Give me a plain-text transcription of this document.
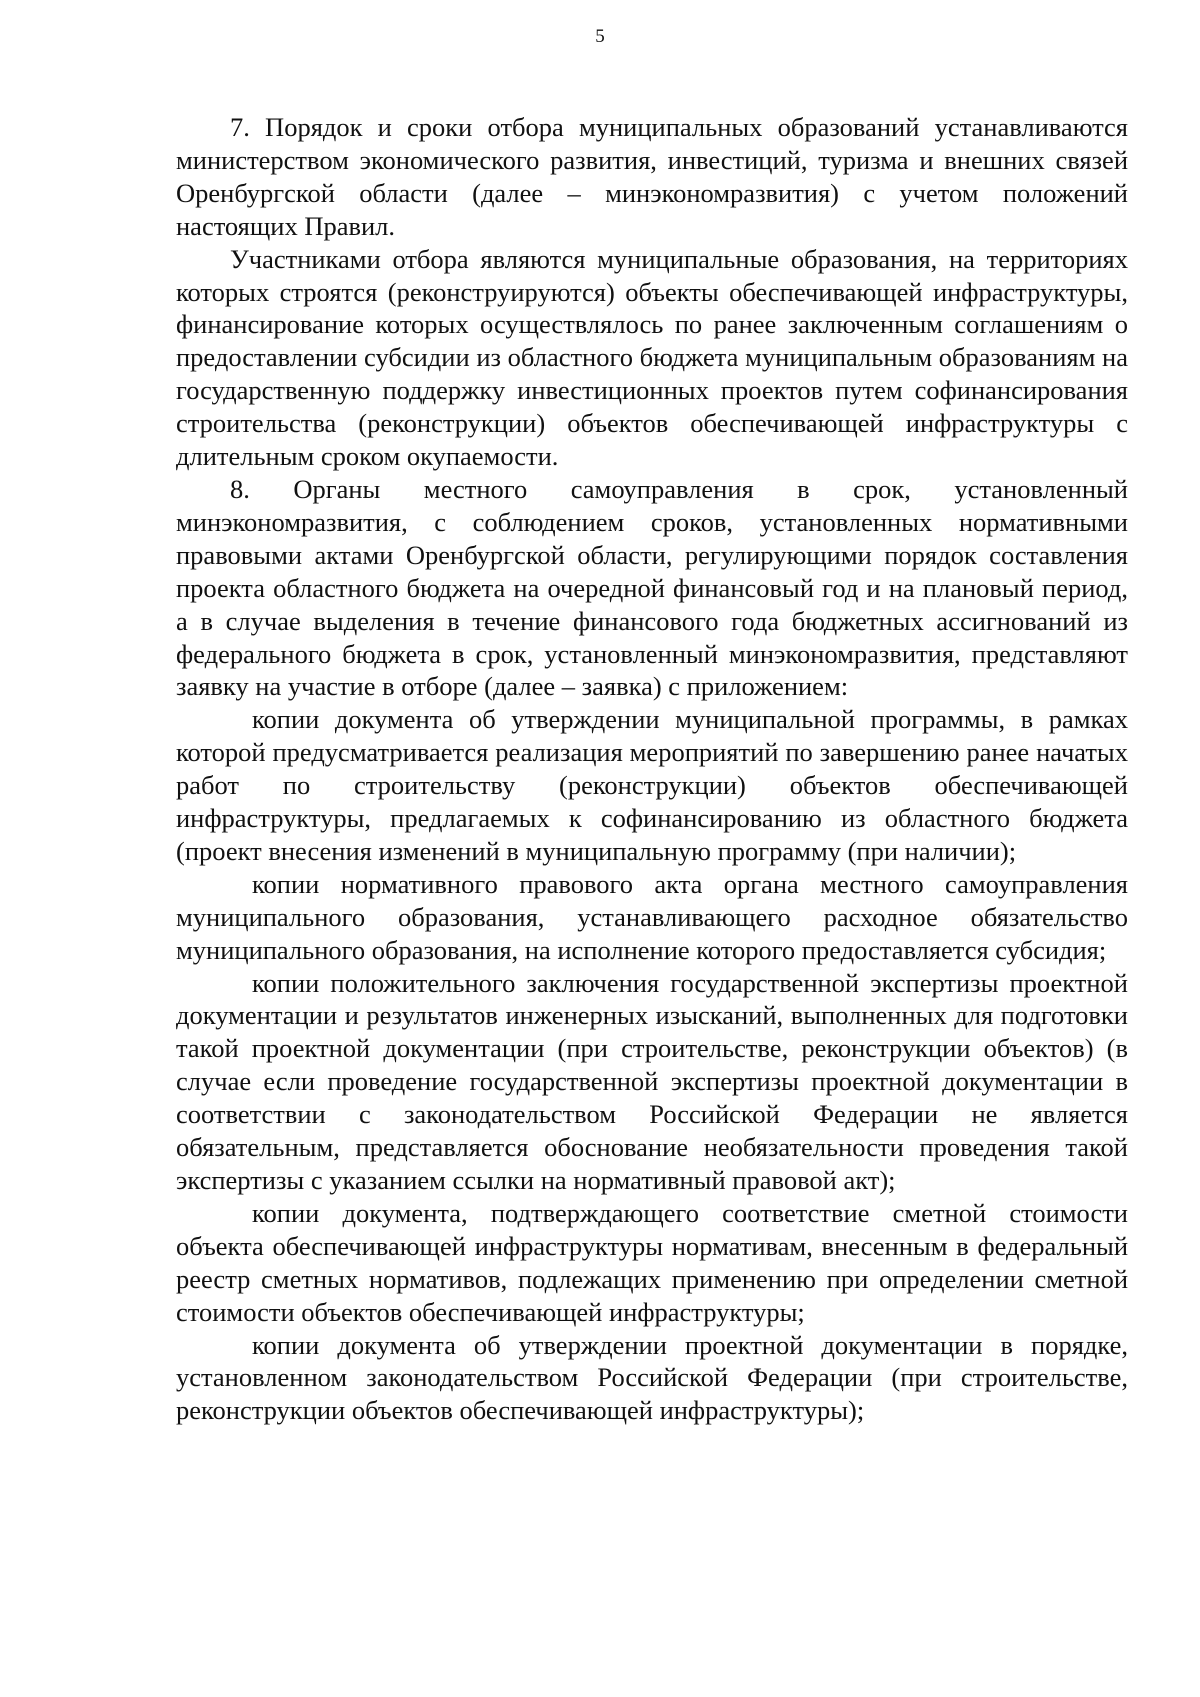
5

7. Порядок и сроки отбора муниципальных образований устанавливаются министерством экономического развития, инвестиций, туризма и внешних связей Оренбургской области (далее – минэкономразвития) с учетом положений настоящих Правил.

Участниками отбора являются муниципальные образования, на территориях которых строятся (реконструируются) объекты обеспечивающей инфраструктуры, финансирование которых осуществлялось по ранее заключенным соглашениям о предоставлении субсидии из областного бюджета муниципальным образованиям на государственную поддержку инвестиционных проектов путем софинансирования строительства (реконструкции) объектов обеспечивающей инфраструктуры с длительным сроком окупаемости.

8. Органы местного самоуправления в срок, установленный минэкономразвития, с соблюдением сроков, установленных нормативными правовыми актами Оренбургской области, регулирующими порядок составления проекта областного бюджета на очередной финансовый год и на плановый период, а в случае выделения в течение финансового года бюджетных ассигнований из федерального бюджета в срок, установленный минэкономразвития, представляют заявку на участие в отборе (далее – заявка) с приложением:

копии документа об утверждении муниципальной программы, в рамках которой предусматривается реализация мероприятий по завершению ранее начатых работ по строительству (реконструкции) объектов обеспечивающей инфраструктуры, предлагаемых к софинансированию из областного бюджета (проект внесения изменений в муниципальную программу (при наличии);

копии нормативного правового акта органа местного самоуправления муниципального образования, устанавливающего расходное обязательство муниципального образования, на исполнение которого предоставляется субсидия;

копии положительного заключения государственной экспертизы проектной документации и результатов инженерных изысканий, выполненных для подготовки такой проектной документации (при строительстве, реконструкции объектов) (в случае если проведение государственной экспертизы проектной документации в соответствии с законодательством Российской Федерации не является обязательным, представляется обоснование необязательности проведения такой экспертизы с указанием ссылки на нормативный правовой акт);

копии документа, подтверждающего соответствие сметной стоимости объекта обеспечивающей инфраструктуры нормативам, внесенным в федеральный реестр сметных нормативов, подлежащих применению при определении сметной стоимости объектов обеспечивающей инфраструктуры;

копии документа об утверждении проектной документации в порядке, установленном законодательством Российской Федерации (при строительстве, реконструкции объектов обеспечивающей инфраструктуры);
